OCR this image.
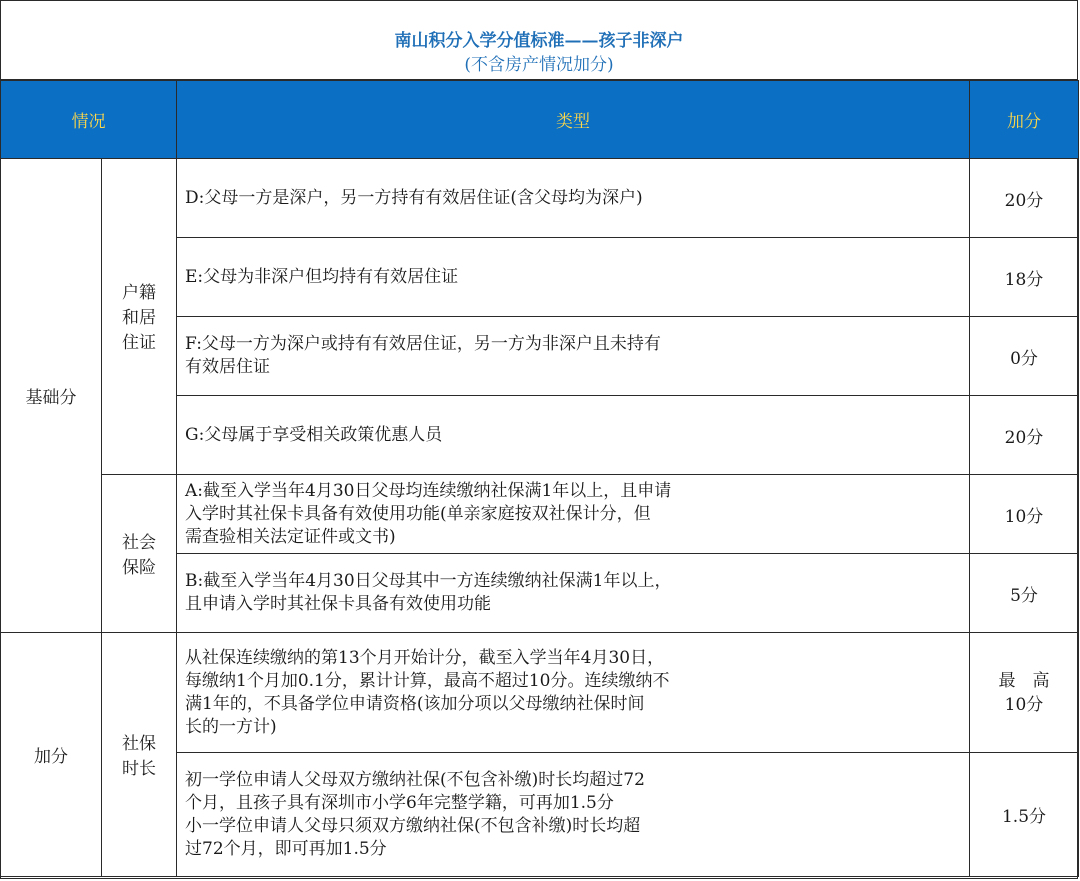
南山积分入学分值标准——孩子非深户
(不含房产情况加分)
情况		类型	加分
基础分	户籍
和居
住证	D:父母一方是深户，另一方持有有效居住证(含父母均为深户)	20分
		E:父母为非深户但均持有有效居住证	18分
		F:父母一方为深户或持有有效居住证，另一方为非深户且未持有
有效居住证	0分
		G:父母属于享受相关政策优惠人员	20分
	社会
保险	A:截至入学当年4月30日父母均连续缴纳社保满1年以上，且申请
入学时其社保卡具备有效使用功能(单亲家庭按双社保计分，但
需查验相关法定证件或文书)	10分
		B:截至入学当年4月30日父母其中一方连续缴纳社保满1年以上，
且申请入学时其社保卡具备有效使用功能	5分
加分	社保
时长	从社保连续缴纳的第13个月开始计分，截至入学当年4月30日，
每缴纳1个月加0.1分，累计计算，最高不超过10分。连续缴纳不
满1年的，不具备学位申请资格(该加分项以父母缴纳社保时间
长的一方计)	最　高
10分
		初一学位申请人父母双方缴纳社保(不包含补缴)时长均超过72
个月，且孩子具有深圳市小学6年完整学籍，可再加1.5分
小一学位申请人父母只须双方缴纳社保(不包含补缴)时长均超
过72个月，即可再加1.5分	1.5分
